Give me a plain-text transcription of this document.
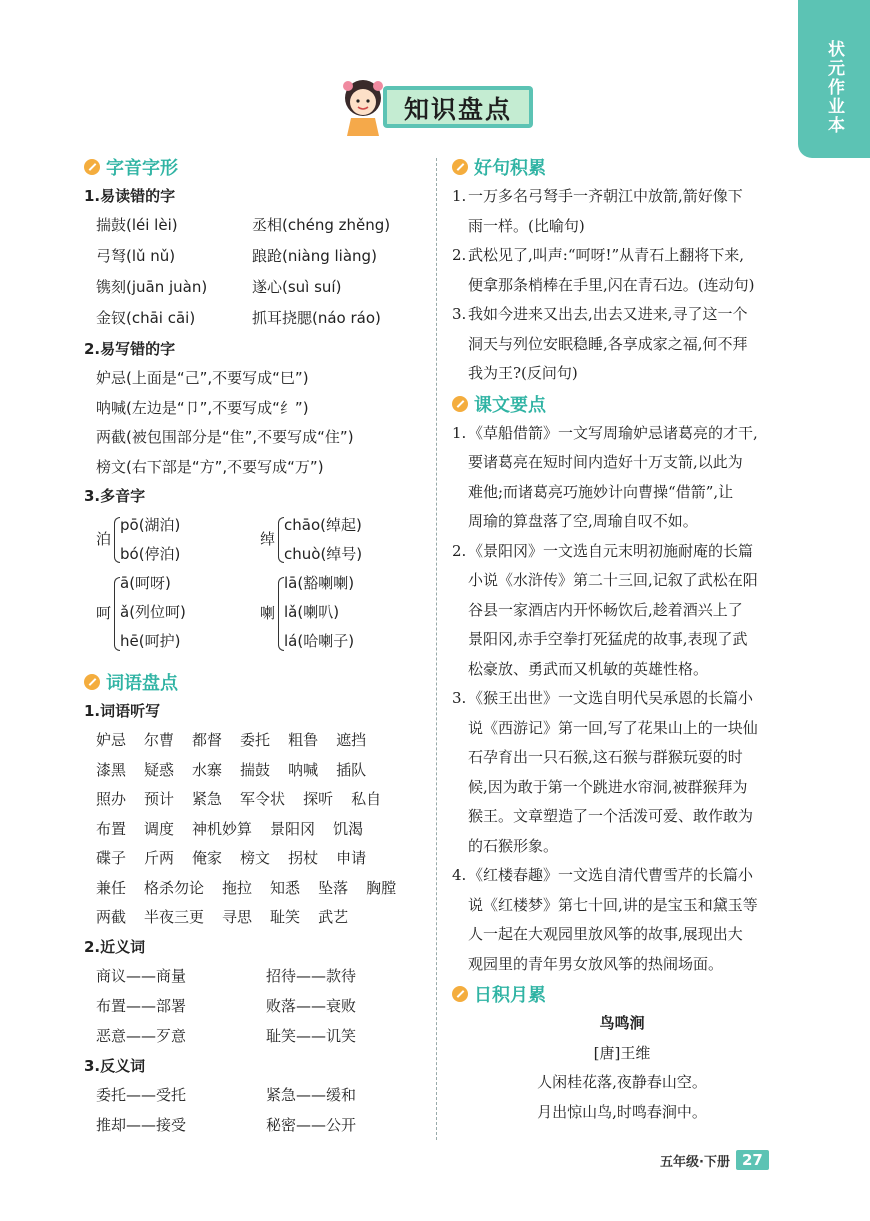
状元作业本
知识盘点
字音字形
1.易读错的字
揣鼓(léi lèi)	丞相(chéng zhěng)
弓弩(lǔ nǔ)	踉跄(niàng liàng)
镌刻(juān juàn)	遂心(suì suí)
金钗(chāi cāi)	抓耳挠腮(náo ráo)
2.易写错的字
妒忌(上面是“己”,不要写成“巳”)
呐喊(左边是“卩”,不要写成“纟”)
两截(被包围部分是“隹”,不要写成“住”)
榜文(右下部是“方”,不要写成“万”)
3.多音字
泊
pō(湖泊)
bó(停泊)
绰
chāo(绰起)
chuò(绰号)
呵
ā(呵呀)
ǎ(列位呵)
hē(呵护)
喇
lā(豁喇喇)
lǎ(喇叭)
lá(哈喇子)
词语盘点
1.词语听写
妒忌 尔曹 都督 委托 粗鲁 遮挡
漆黑 疑惑 水寨 揣鼓 呐喊 插队
照办 预计 紧急 军令状 探听 私自
布置 调度 神机妙算 景阳冈 饥渴
碟子 斤两 俺家 榜文 拐杖 申请
兼任 格杀勿论 拖拉 知悉 坠落 胸膛
两截 半夜三更 寻思 耻笑 武艺
2.近义词
商议——商量	招待——款待
布置——部署	败落——衰败
恶意——歹意	耻笑——讥笑
3.反义词
委托——受托	紧急——缓和
推却——接受	秘密——公开
好句积累
1. 一万多名弓弩手一齐朝江中放箭,箭好像下
雨一样。(比喻句)
2. 武松见了,叫声:“呵呀!”从青石上翻将下来,
便拿那条梢棒在手里,闪在青石边。(连动句)
3. 我如今进来又出去,出去又进来,寻了这一个
洞天与列位安眠稳睡,各享成家之福,何不拜
我为王?(反问句)
课文要点
1. 《草船借箭》一文写周瑜妒忌诸葛亮的才干,
要诸葛亮在短时间内造好十万支箭,以此为
难他;而诸葛亮巧施妙计向曹操“借箭”,让
周瑜的算盘落了空,周瑜自叹不如。
2. 《景阳冈》一文选自元末明初施耐庵的长篇
小说《水浒传》第二十三回,记叙了武松在阳
谷县一家酒店内开怀畅饮后,趁着酒兴上了
景阳冈,赤手空拳打死猛虎的故事,表现了武
松豪放、勇武而又机敏的英雄性格。
3. 《猴王出世》一文选自明代吴承恩的长篇小
说《西游记》第一回,写了花果山上的一块仙
石孕育出一只石猴,这石猴与群猴玩耍的时
候,因为敢于第一个跳进水帘洞,被群猴拜为
猴王。文章塑造了一个活泼可爱、敢作敢为
的石猴形象。
4. 《红楼春趣》一文选自清代曹雪芹的长篇小
说《红楼梦》第七十回,讲的是宝玉和黛玉等
人一起在大观园里放风筝的故事,展现出大
观园里的青年男女放风筝的热闹场面。
日积月累
鸟鸣涧
[唐]王维
人闲桂花落,夜静春山空。
月出惊山鸟,时鸣春涧中。
五年级·下册 27
